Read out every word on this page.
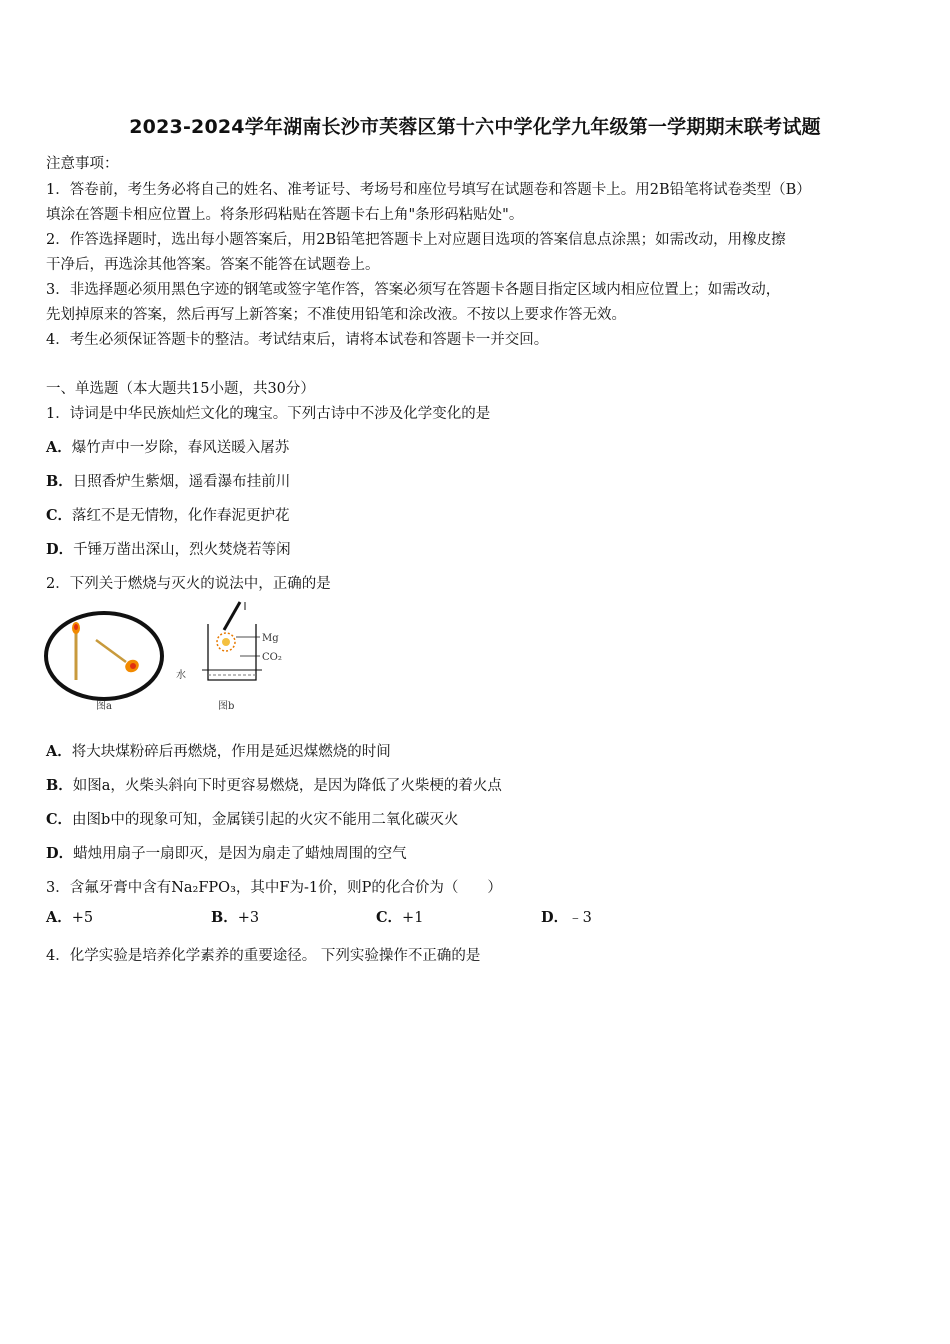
2023-2024学年湖南长沙市芙蓉区第十六中学化学九年级第一学期期末联考试题
注意事项：
1．答卷前，考生务必将自己的姓名、准考证号、考场号和座位号填写在试题卷和答题卡上。用2B铅笔将试卷类型（B）
填涂在答题卡相应位置上。将条形码粘贴在答题卡右上角"条形码粘贴处"。
2．作答选择题时，选出每小题答案后，用2B铅笔把答题卡上对应题目选项的答案信息点涂黑；如需改动，用橡皮擦
干净后，再选涂其他答案。答案不能答在试题卷上。
3．非选择题必须用黑色字迹的钢笔或签字笔作答，答案必须写在答题卡各题目指定区域内相应位置上；如需改动，
先划掉原来的答案，然后再写上新答案；不准使用铅笔和涂改液。不按以上要求作答无效。
4．考生必须保证答题卡的整洁。考试结束后，请将本试卷和答题卡一并交回。
一、单选题（本大题共15小题，共30分）
1．诗词是中华民族灿烂文化的瑰宝。下列古诗中不涉及化学变化的是
A．爆竹声中一岁除，春风送暖入屠苏
B．日照香炉生紫烟，遥看瀑布挂前川
C．落红不是无情物，化作春泥更护花
D．千锤万凿出深山，烈火焚烧若等闲
2．下列关于燃烧与灭火的说法中，正确的是
图a
Mg
CO₂
水
图b
A．将大块煤粉碎后再燃烧，作用是延迟煤燃烧的时间
B．如图a，火柴头斜向下时更容易燃烧，是因为降低了火柴梗的着火点
C．由图b中的现象可知，金属镁引起的火灾不能用二氧化碳灭火
D．蜡烛用扇子一扇即灭，是因为扇走了蜡烛周围的空气
3．含氟牙膏中含有Na₂FPO₃，其中F为-1价，则P的化合价为（　　）
A．+5	B．+3	C．+1	D．﹣3
4．化学实验是培养化学素养的重要途径。 下列实验操作不正确的是
